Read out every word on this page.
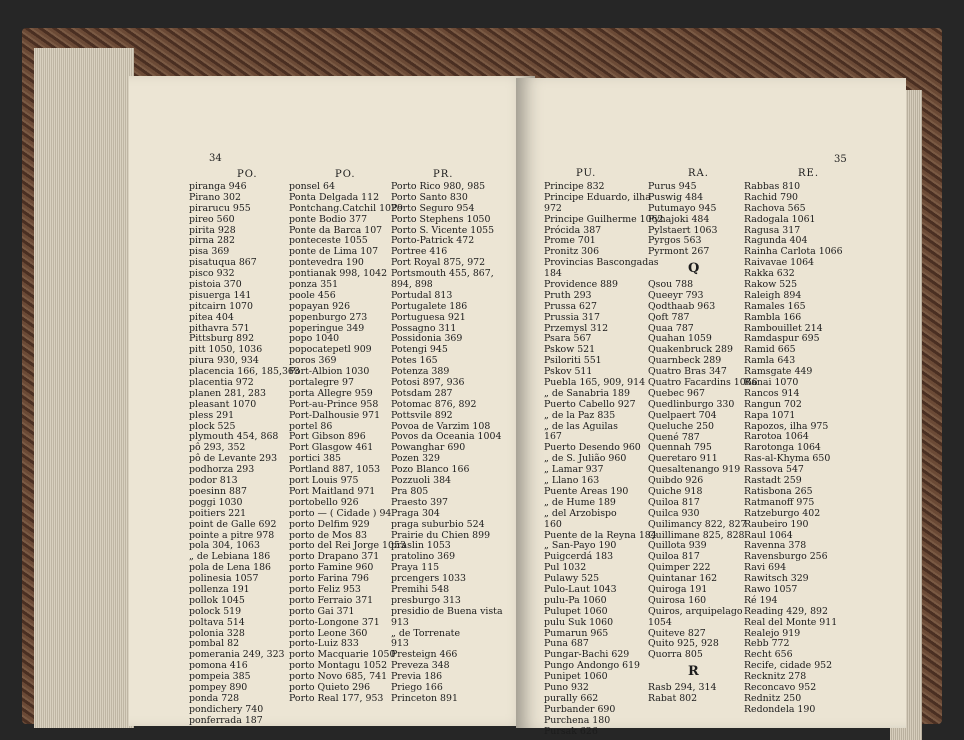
34
PO.	PO.	PR.
piranga 946
Pirano 302
pirarucu 955
pireo 560
pirita 928
pirna 282
pisa 369
pisatuqua 867
pisco 932
pistoia 370
pisuerga 141
pitcairn 1070
pitea 404
pithavra 571
Pittsburg 892
pitt 1050, 1036
piura 930, 934
placencia 166, 185,363
placentia 972
planen 281, 283
pleasant 1070
pless 291
plock 525
plymouth 454, 868
pô 293, 352
pô de Levante 293
podhorza 293
podor 813
poesinn 887
poggi 1030
poitiers 221
point de Galle 692
pointe a pitre 978
pola 304, 1063
„ de Lebiana 186
pola de Lena 186
polinesia 1057
pollenza 191
pollok 1045
polock 519
poltava 514
polonia 328
pombal 82
pomerania 249, 323
pomona 416
pompeia 385
pompey 890
ponda 728
pondichery 740
ponferrada 187
ponsel 64
Ponta Delgada 112
Pontchang.Catchil 1029
ponte Bodio 377
Ponte da Barca 107
ponteceste 1055
ponte de Lima 107
pontevedra 190
pontianak 998, 1042
ponza 351
poole 456
popayan 926
popenburgo 273
poperingue 349
popo 1040
popocatepetl 909
poros 369
Port-Albion 1030
portalegre 97
porta Allegre 959
Port-au-Prince 958
Port-Dalhousie 971
portel 86
Port Gibson 896
Port Glasgow 461
portici 385
Portland 887, 1053
port Louis 975
Port Maitland 971
portobello 926
porto — ( Cidade ) 94
porto Delfim 929
porto de Mos 83
porto del Rei Jorge 1053
porto Drapano 371
porto Famine 960
porto Farina 796
porto Feliz 953
porto Ferraio 371
porto Gai 371
porto-Longone 371
porto Leone 360
porto-Luiz 833
porto Macquarie 1050
porto Montagu 1052
porto Novo 685, 741
porto Quieto 296
Porto Real 177, 953
Porto Rico 980, 985
Porto Santo 830
Porto Seguro 954
Porto Stephens 1050
Porto S. Vicente 1055
Porto-Patrick 472
Portree 416
Port Royal 875, 972
Portsmouth 455, 867,
894, 898
Portudal 813
Portugalete 186
Portuguesa 921
Possagno 311
Possidonia 369
Potengi 945
Potes 165
Potenza 389
Potosi 897, 936
Potsdam 287
Potomac 876, 892
Pottsvile 892
Povoa de Varzim 108
Povos da Oceania 1004
Powanghar 690
Pozen 329
Pozo Blanco 166
Pozzuoli 384
Pra 805
Praesto 397
Praga 304
praga suburbio 524
Prairie du Chien 899
praslin 1053
pratolino 369
Praya 115
prcengers 1033
Premihi 548
presburgo 313
presidio de Buena vista
913
„ de Torrenate
913
Presteign 466
Preveza 348
Previa 186
Priego 166
Princeton 891
35
PU.	RA.	RE.
Principe 832
Principe Eduardo, ilha
972
Principe Guilherme 1062
Prócida 387
Prome 701
Pronitz 306
Provincias Bascongadas
184
Providence 889
Pruth 293
Prussa 627
Prussia 317
Przemysl 312
Psara 567
Pskow 521
Psiloriti 551
Pskov 511
Puebla 165, 909, 914
„ de Sanabria 189
Puerto Cabello 927
„ de la Paz 835
„ de las Aguilas
167
Puerto Desendo 960
„ de S. Julião 960
„ Lamar 937
„ Llano 163
Puente Areas 190
„ de Hume 189
„ del Arzobispo
160
Puente de la Reyna 184
„ San-Payo 190
Puigcerdá 183
Pul 1032
Pulawy 525
Pulo-Laut 1043
pulu-Pa 1060
Pulupet 1060
pulu Suk 1060
Pumarun 965
Puna 687
Pungar-Bachi 629
Pungo Andongo 619
Punipet 1060
Puno 932
purally 662
Purbander 690
Purchena 180
Pursak 626
Purus 945
Puswig 484
Putumayo 945
Pyhajoki 484
Pylstaert 1063
Pyrgos 563
Pyrmont 267
Q
Qsou 788
Queeyr 793
Qodthaab 963
Qoft 787
Quaa 787
Quahan 1059
Quakenbruck 289
Quarnbeck 289
Quatro Bras 347
Quatro Facardins 1066
Quebec 967
Quedlinburgo 330
Quelpaert 704
Queluche 250
Quené 787
Quennah 795
Queretaro 911
Quesaltenango 919
Quibdo 926
Quiche 918
Quiloa 817
Quilca 930
Quilimancy 822, 827
Quillimane 825, 828
Quillota 939
Quiloa 817
Quimper 222
Quintanar 162
Quiroga 191
Quirosa 160
Quiros, arquipelago
1054
Quiteve 827
Quito 925, 928
Quorra 805
R
Rasb 294, 314
Rabat 802
Rabbas 810
Rachid 790
Rachova 565
Radogala 1061
Ragusa 317
Ragunda 404
Rainha Carlota 1066
Raivavae 1064
Rakka 632
Rakow 525
Raleigh 894
Ramales 165
Rambla 166
Rambouillet 214
Ramdaspur 695
Ramid 665
Ramla 643
Ramsgate 449
Ranai 1070
Rancos 914
Rangun 702
Rapa 1071
Rapozos, ilha 975
Rarotoa 1064
Rarotonga 1064
Ras-al-Khyma 650
Rassova 547
Rastadt 259
Ratisbona 265
Ratmanoff 975
Ratzeburgo 402
Raubeiro 190
Raul 1064
Ravenna 378
Ravensburgo 256
Ravi 694
Rawitsch 329
Rawo 1057
Ré 194
Reading 429, 892
Real del Monte 911
Realejo 919
Rebb 772
Recht 656
Recife, cidade 952
Recknitz 278
Reconcavo 952
Rednitz 250
Redondela 190
